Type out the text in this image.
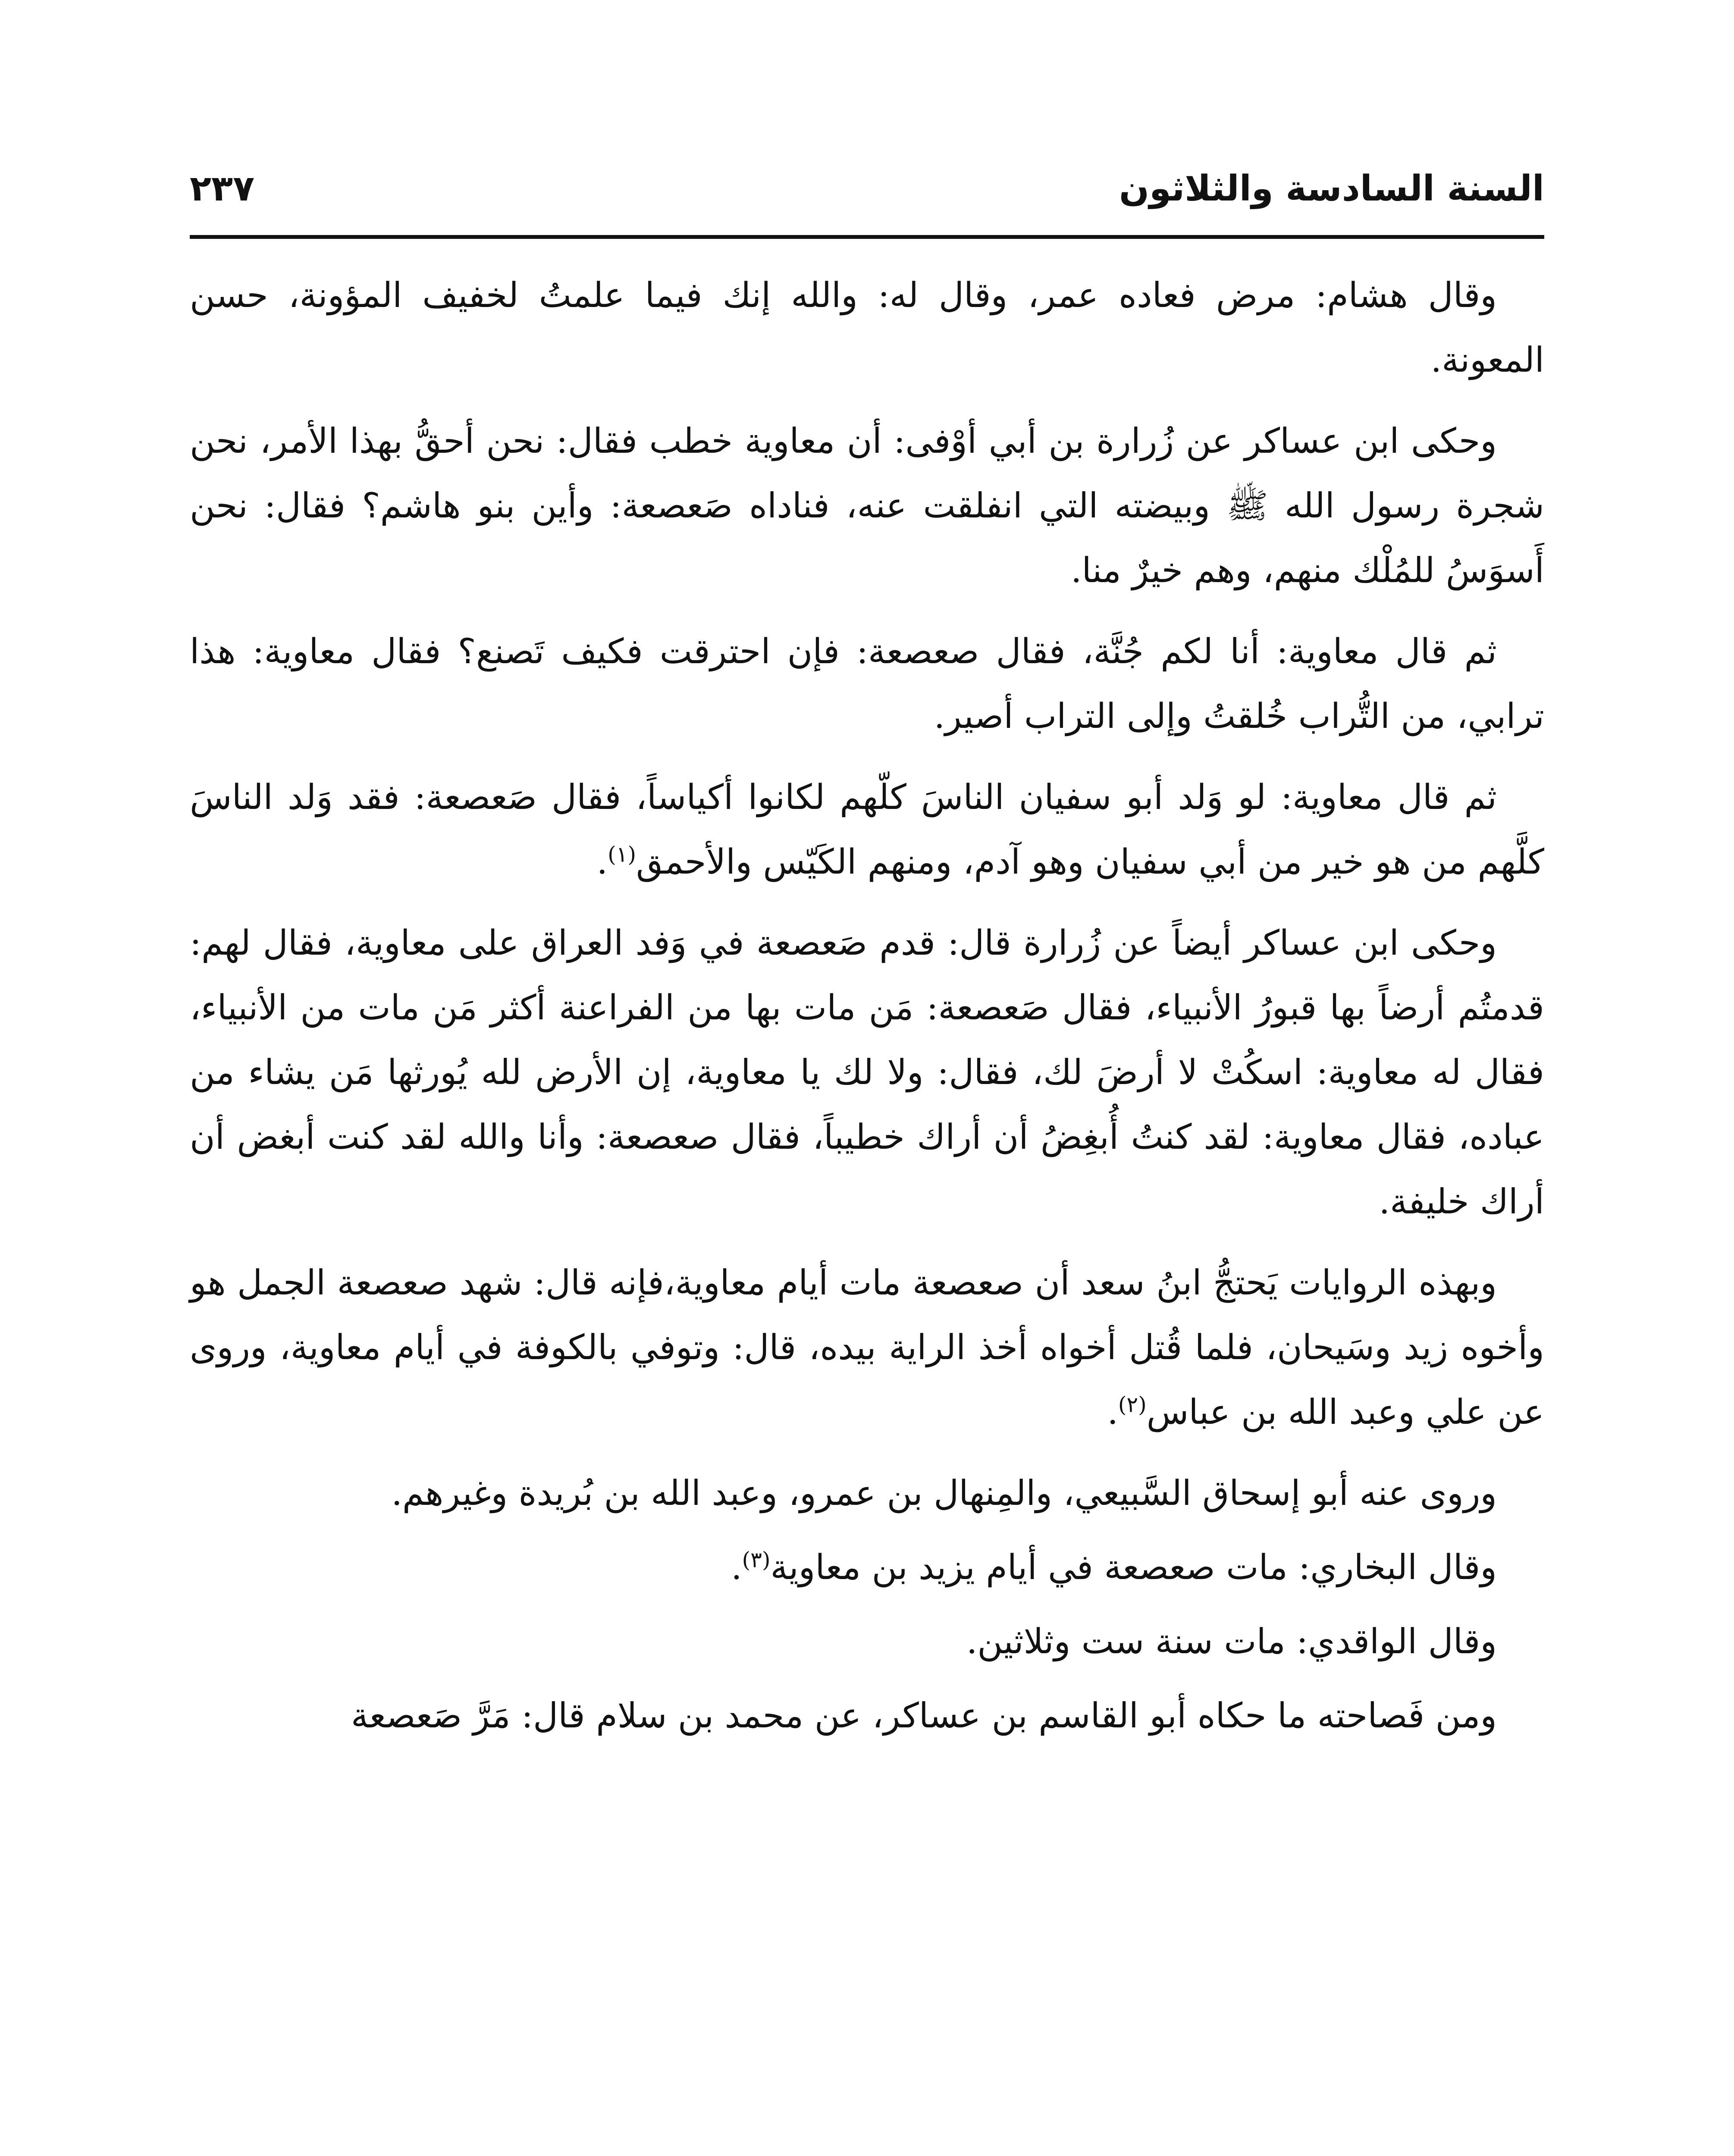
السنة السادسة والثلاثون
٢٣٧

وقال هشام: مرض فعاده عمر، وقال له: والله إنك فيما علمتُ لخفيف المؤونة، حسن المعونة.

وحكى ابن عساكر عن زُرارة بن أبي أوْفى: أن معاوية خطب فقال: نحن أحقُّ بهذا الأمر، نحن شجرة رسول الله ﷺ وبيضته التي انفلقت عنه، فناداه صَعصعة: وأين بنو هاشم؟ فقال: نحن أَسوَسُ للمُلْك منهم، وهم خيرٌ منا.

ثم قال معاوية: أنا لكم جُنَّة، فقال صعصعة: فإن احترقت فكيف تَصنع؟ فقال معاوية: هذا ترابي، من التُّراب خُلقتُ وإلى التراب أصير.

ثم قال معاوية: لو وَلد أبو سفيان الناسَ كلّهم لكانوا أكياساً، فقال صَعصعة: فقد وَلد الناسَ كلَّهم من هو خير من أبي سفيان وهو آدم، ومنهم الكَيّس والأحمق$^{(١)}$.

وحكى ابن عساكر أيضاً عن زُرارة قال: قدم صَعصعة في وَفد العراق على معاوية، فقال لهم: قدمتُم أرضاً بها قبورُ الأنبياء، فقال صَعصعة: مَن مات بها من الفراعنة أكثر مَن مات من الأنبياء، فقال له معاوية: اسكُتْ لا أرضَ لك، فقال: ولا لك يا معاوية، إن الأرض لله يُورثها مَن يشاء من عباده، فقال معاوية: لقد كنتُ أُبغِضُ أن أراك خطيباً، فقال صعصعة: وأنا والله لقد كنت أبغض أن أراك خليفة.

وبهذه الروايات يَحتجُّ ابنُ سعد أن صعصعة مات أيام معاوية،فإنه قال: شهد صعصعة الجمل هو وأخوه زيد وسَيحان، فلما قُتل أخواه أخذ الراية بيده، قال: وتوفي بالكوفة في أيام معاوية، وروى عن علي وعبد الله بن عباس$^{(٢)}$.

وروى عنه أبو إسحاق السَّبيعي، والمِنهال بن عمرو، وعبد الله بن بُريدة وغيرهم.

وقال البخاري: مات صعصعة في أيام يزيد بن معاوية$^{(٣)}$.

وقال الواقدي: مات سنة ست وثلاثين.

ومن فَصاحته ما حكاه أبو القاسم بن عساكر، عن محمد بن سلام قال: مَرَّ صَعصعة
